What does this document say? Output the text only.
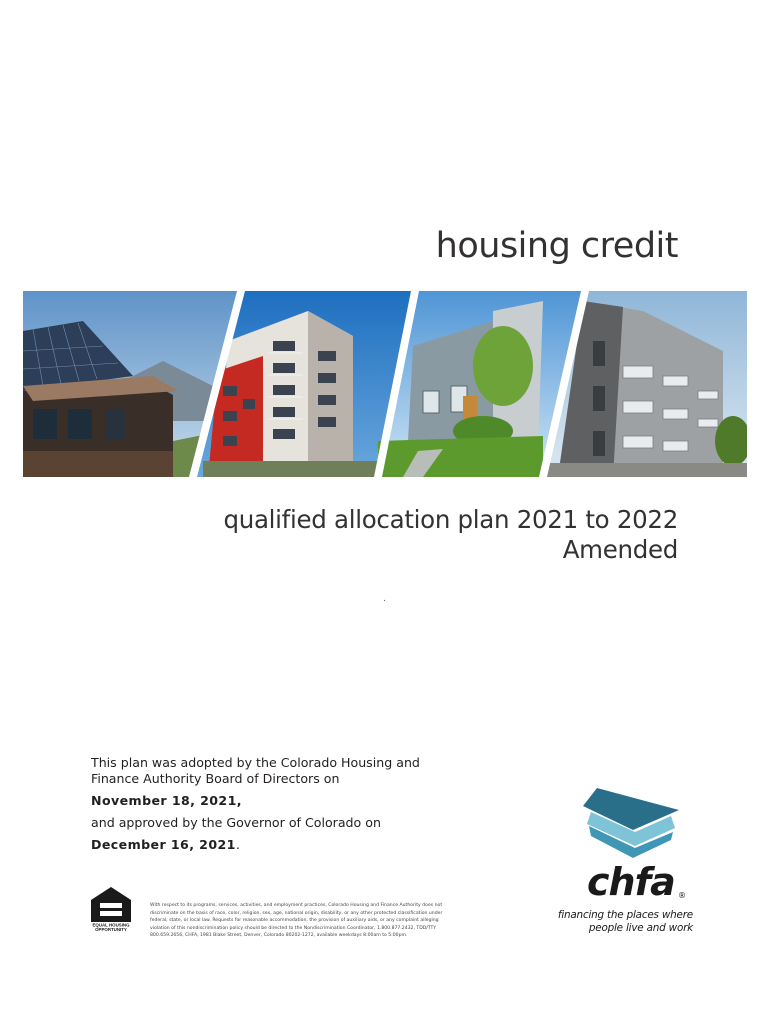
housing credit
qualified allocation plan 2021 to 2022
Amended
.

This plan was adopted by the Colorado Housing and Finance Authority Board of Directors on

November 18, 2021,

and approved by the Governor of Colorado on

December 16, 2021.

EQUAL HOUSING
OPPORTUNITY
With respect to its programs, services, activities, and employment practices, Colorado Housing and Finance Authority does not discriminate on the basis of race, color, religion, sex, age, national origin, disability, or any other protected classification under federal, state, or local law. Requests for reasonable accommodation, the provision of auxiliary aids, or any complaint alleging violation of this nondiscrimination policy should be directed to the Nondiscrimination Coordinator, 1.800.877.2432, TDD/TTY 800.659.2656, CHFA, 1981 Blake Street, Denver, Colorado 80202-1272, available weekdays 8:00am to 5:00pm.
chfa ®
financing the places where
people live and work
